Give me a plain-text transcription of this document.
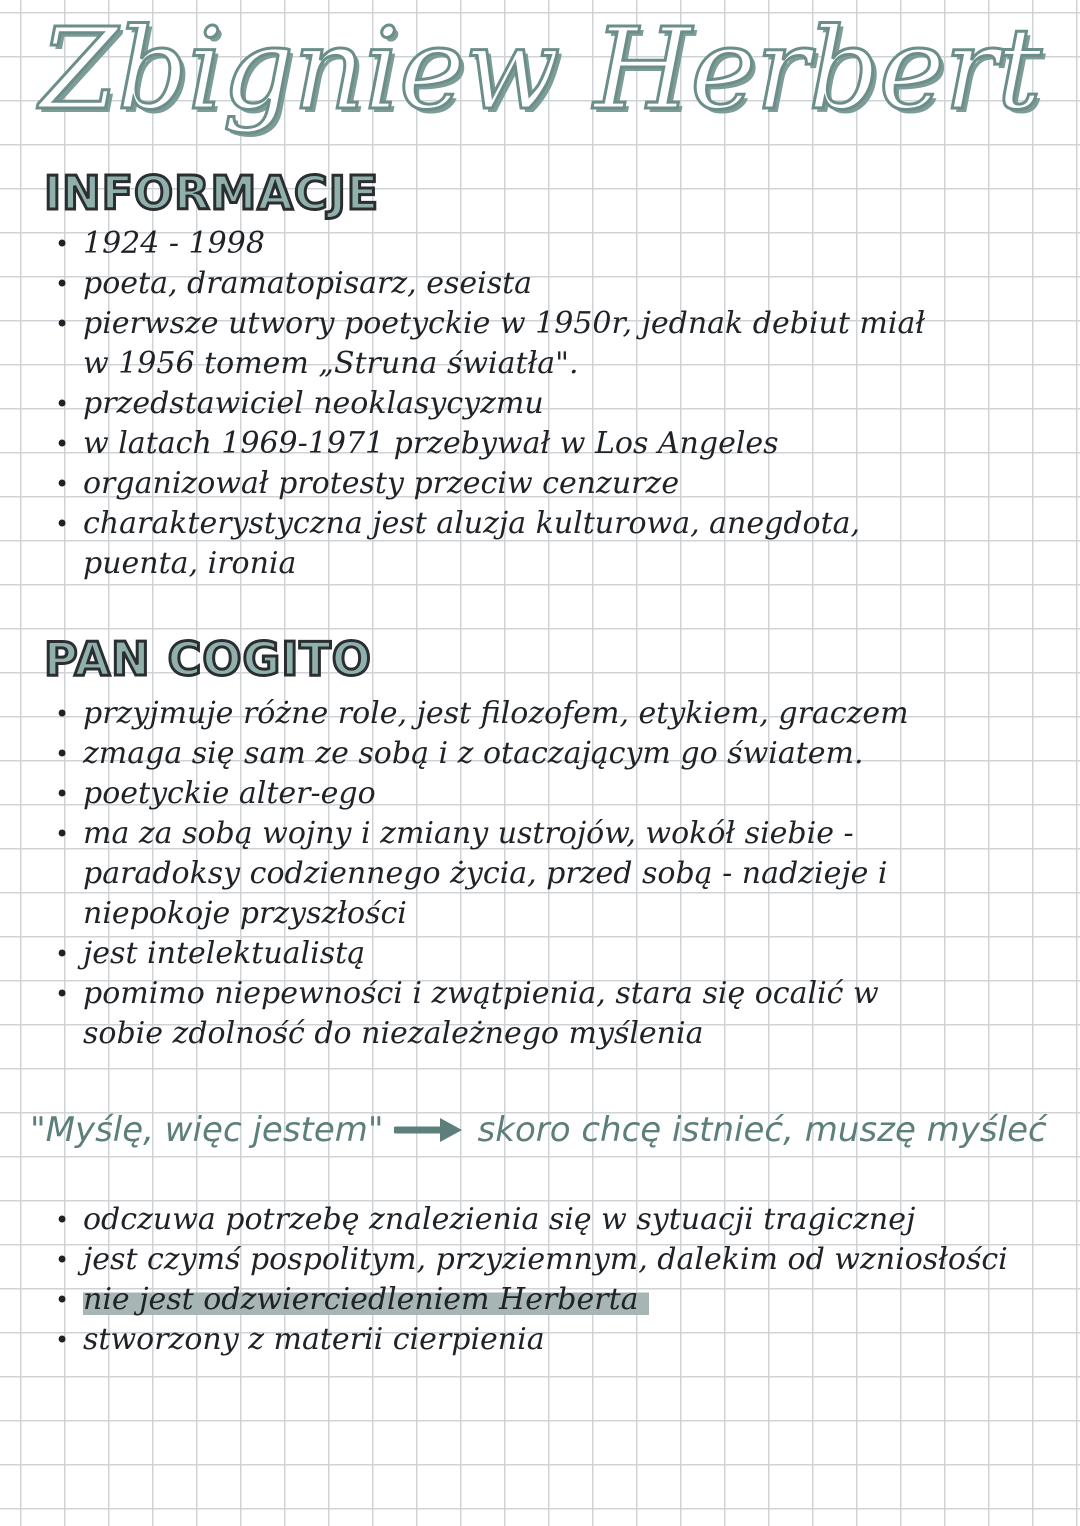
Zbigniew Herbert
INFORMACJE
• 1924 - 1998
• poeta, dramatopisarz, eseista
• pierwsze utwory poetyckie w 1950r, jednak debiut miał
w 1956 tomem „Struna światła".
• przedstawiciel neoklasycyzmu
• w latach 1969-1971 przebywał w Los Angeles
• organizował protesty przeciw cenzurze
• charakterystyczna jest aluzja kulturowa, anegdota,
puenta, ironia
PAN COGITO
• przyjmuje różne role, jest filozofem, etykiem, graczem
• zmaga się sam ze sobą i z otaczającym go światem.
• poetyckie alter-ego
• ma za sobą wojny i zmiany ustrojów, wokół siebie -
paradoksy codziennego życia, przed sobą - nadzieje i
niepokoje przyszłości
• jest intelektualistą
• pomimo niepewności i zwątpienia, stara się ocalić w
sobie zdolność do niezależnego myślenia
"Myślę, więc jestem"	skoro chcę istnieć, muszę myśleć
• odczuwa potrzebę znalezienia się w sytuacji tragicznej
• jest czymś pospolitym, przyziemnym, dalekim od wzniosłości
• nie jest odzwierciedleniem Herberta
• stworzony z materii cierpienia
